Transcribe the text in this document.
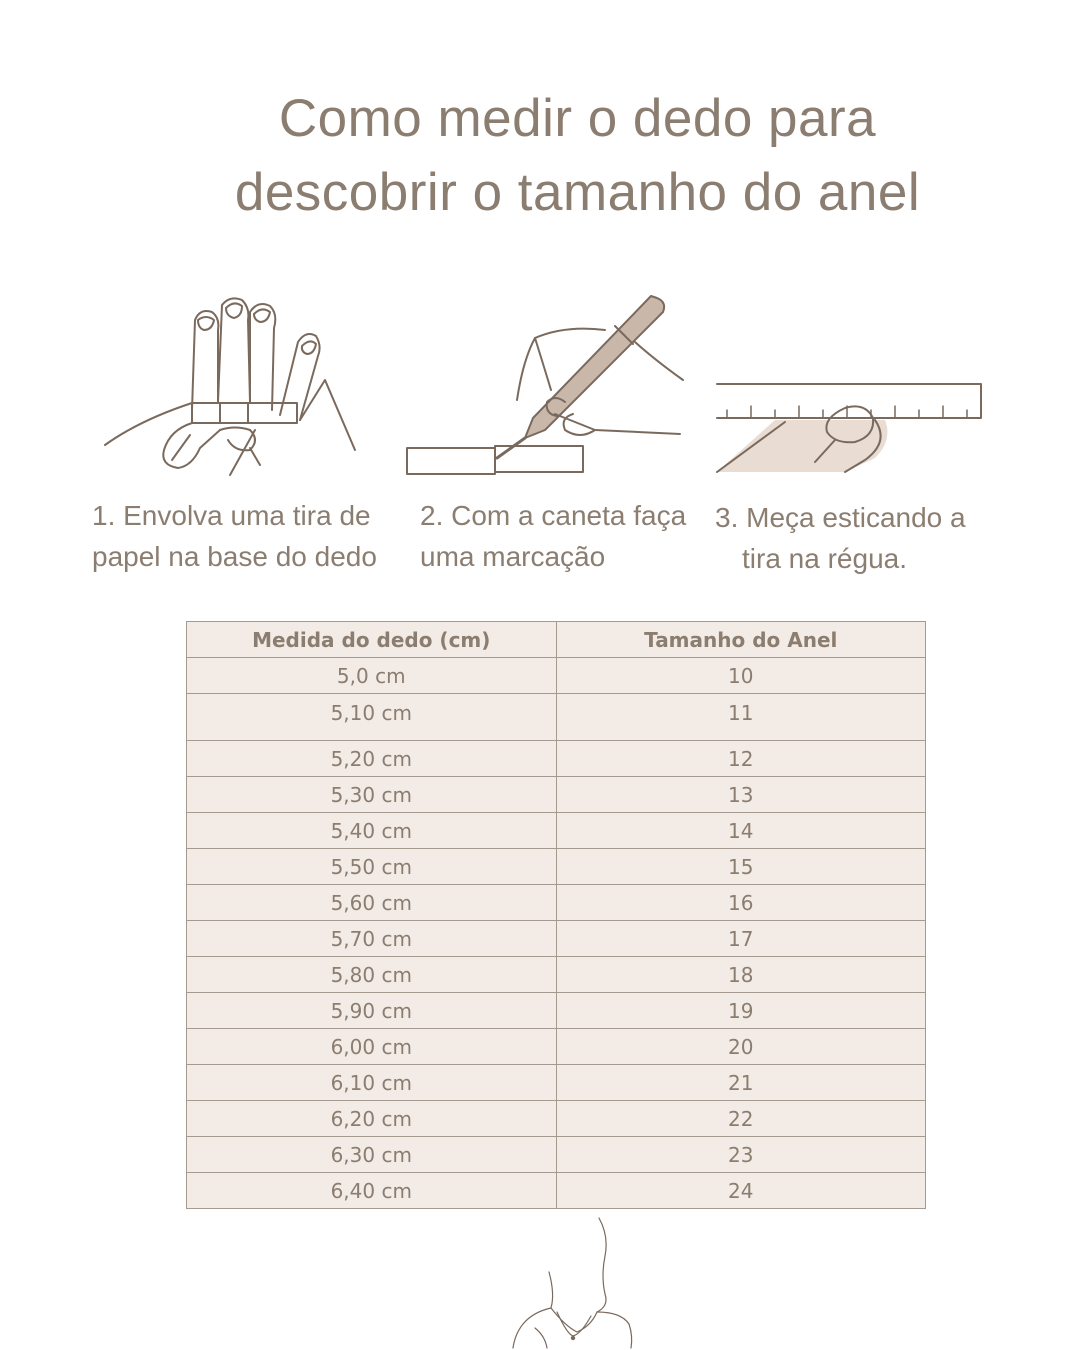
Como medir o dedo para
descobrir o tamanho do anel
1. Envolva uma tira de
papel na base do dedo
2. Com a caneta faça
uma marcação
3. Meça esticando a
tira na régua.
Medida do dedo (cm)	Tamanho do Anel
5,0 cm	10
5,10 cm	11
5,20 cm	12
5,30 cm	13
5,40 cm	14
5,50 cm	15
5,60 cm	16
5,70 cm	17
5,80 cm	18
5,90 cm	19
6,00 cm	20
6,10 cm	21
6,20 cm	22
6,30 cm	23
6,40 cm	24
